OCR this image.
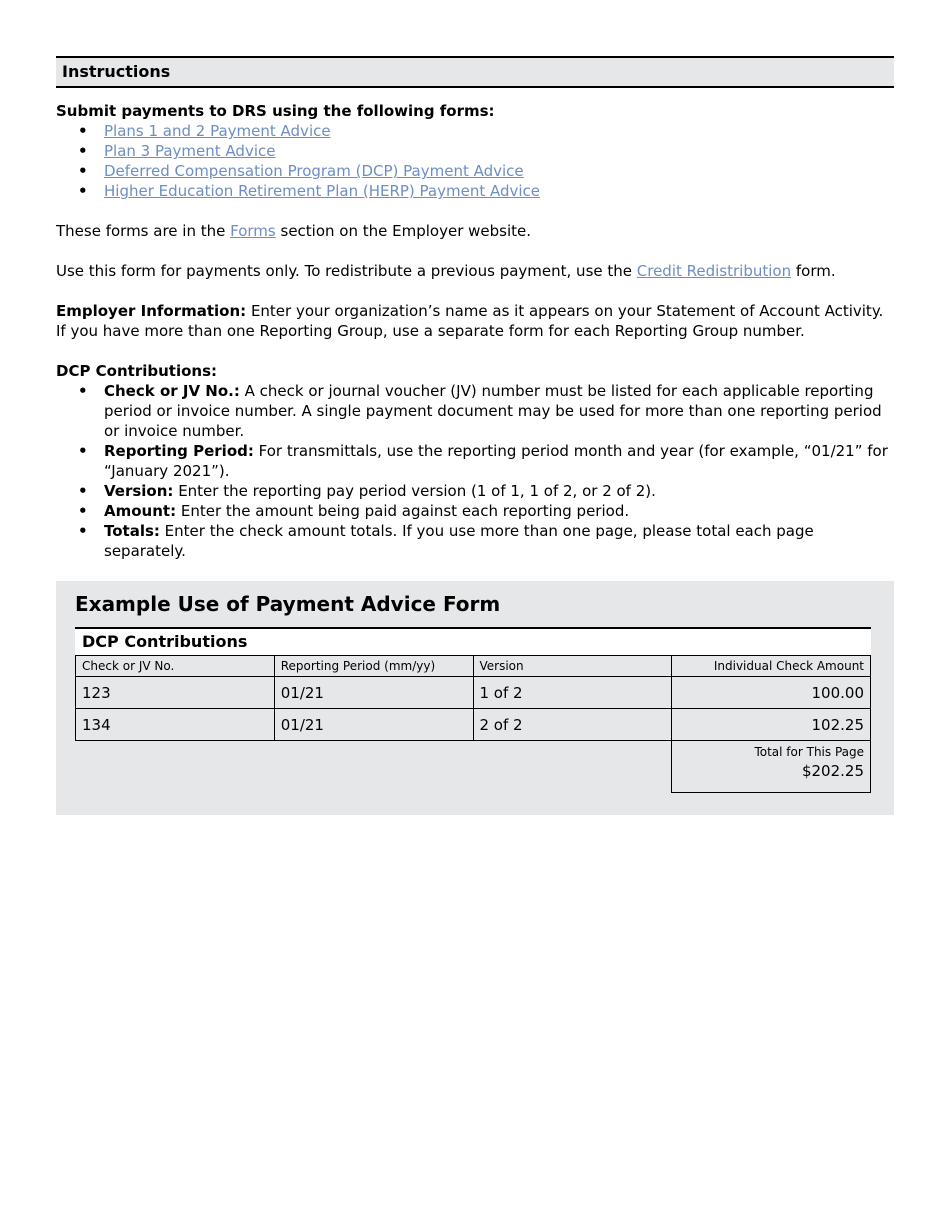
Instructions
Submit payments to DRS using the following forms:
• Plans 1 and 2 Payment Advice
• Plan 3 Payment Advice
• Deferred Compensation Program (DCP) Payment Advice
• Higher Education Retirement Plan (HERP) Payment Advice

These forms are in the Forms section on the Employer website.

Use this form for payments only. To redistribute a previous payment, use the Credit Redistribution form.

Employer Information: Enter your organization’s name as it appears on your Statement of Account Activity. If you have more than one Reporting Group, use a separate form for each Reporting Group number.

DCP Contributions:
• Check or JV No.: A check or journal voucher (JV) number must be listed for each applicable reporting period or invoice number. A single payment document may be used for more than one reporting period or invoice number.
• Reporting Period: For transmittals, use the reporting period month and year (for example, “01/21” for “January 2021”).
• Version: Enter the reporting pay period version (1 of 1, 1 of 2, or 2 of 2).
• Amount: Enter the amount being paid against each reporting period.
• Totals: Enter the check amount totals. If you use more than one page, please total each page separately.
Example Use of Payment Advice Form
DCP Contributions
Check or JV No.	Reporting Period (mm/yy)	Version	Individual Check Amount
123	01/21	1 of 2	100.00
134	01/21	2 of 2	102.25

			Total for This Page
$202.25
